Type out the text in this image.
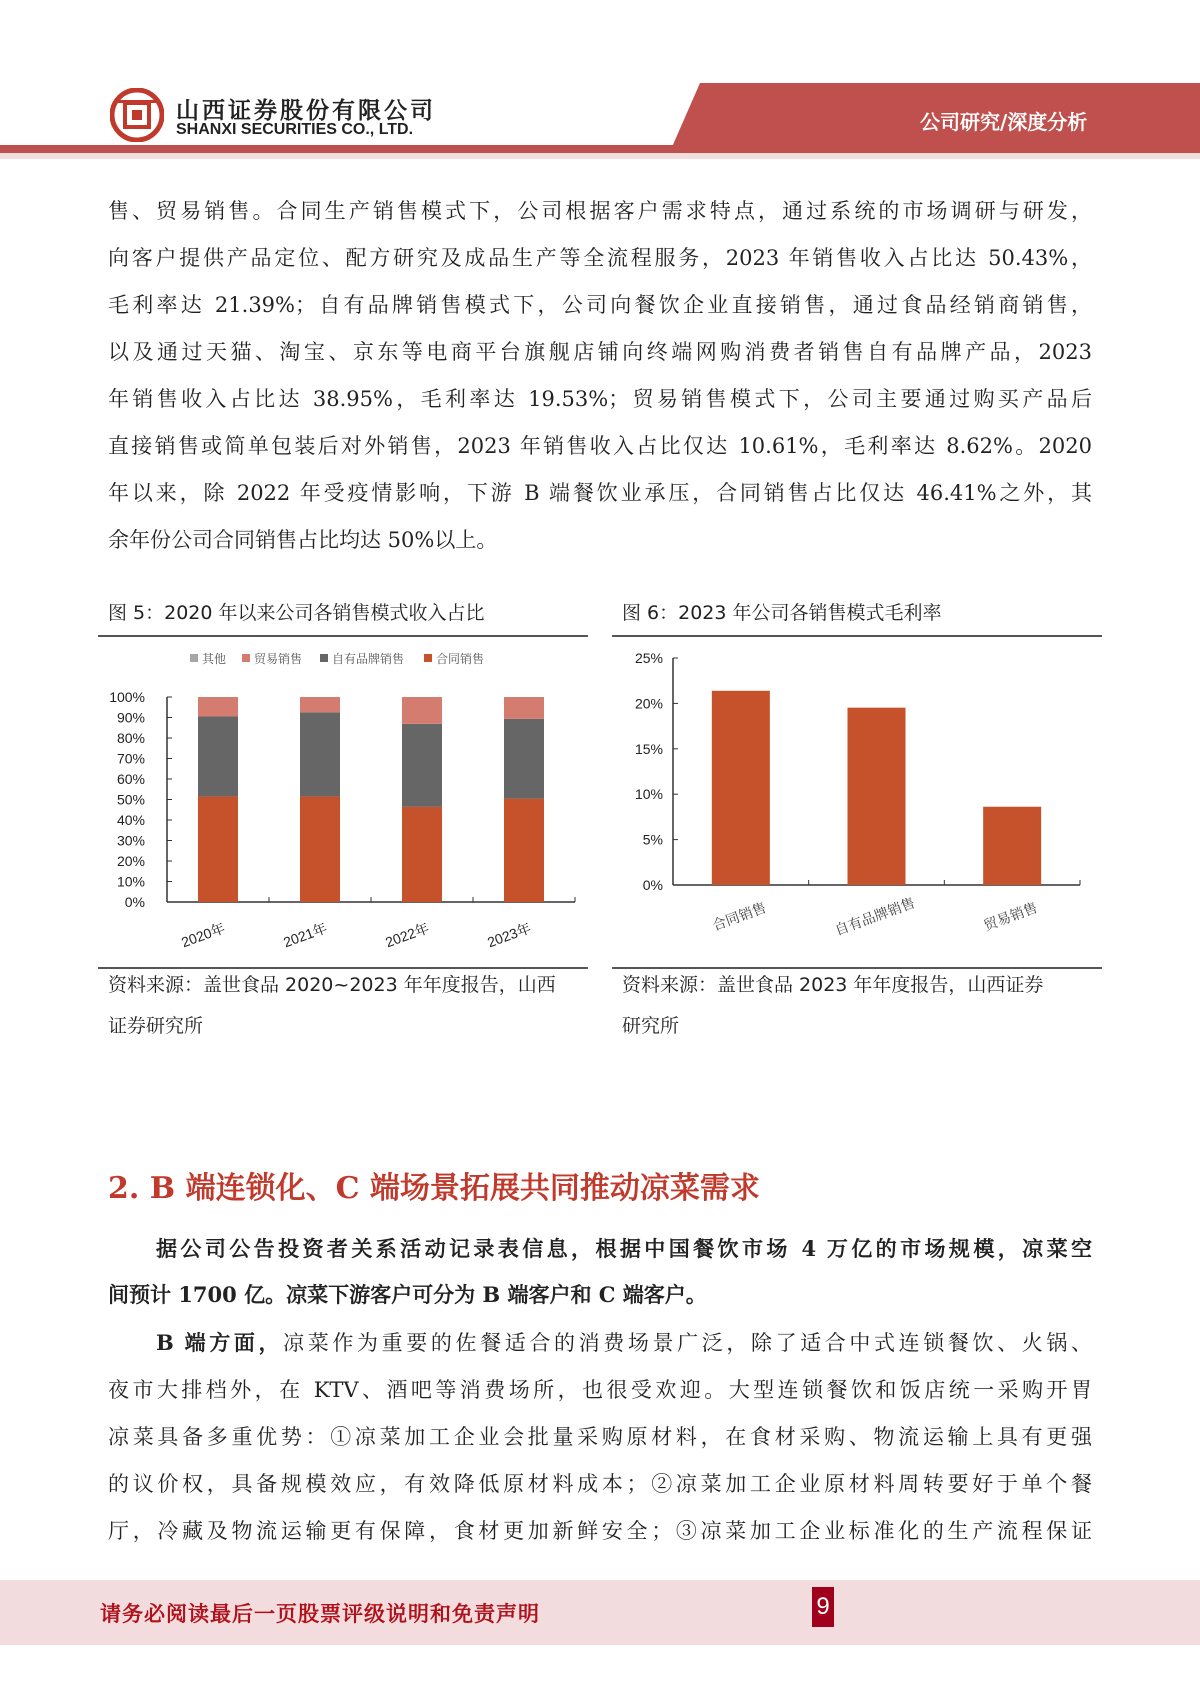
山西证券股份有限公司
SHANXI SECURITIES CO., LTD.	公司研究/深度分析
售、贸易销售。合同生产销售模式下，公司根据客户需求特点，通过系统的市场调研与研发，
向客户提供产品定位、配方研究及成品生产等全流程服务，2023 年销售收入占比达 50.43%，
毛利率达 21.39%；自有品牌销售模式下，公司向餐饮企业直接销售，通过食品经销商销售，
以及通过天猫、淘宝、京东等电商平台旗舰店铺向终端网购消费者销售自有品牌产品，2023
年销售收入占比达 38.95%，毛利率达 19.53%；贸易销售模式下，公司主要通过购买产品后
直接销售或简单包装后对外销售，2023 年销售收入占比仅达 10.61%，毛利率达 8.62%。2020
年以来，除 2022 年受疫情影响，下游 B 端餐饮业承压，合同销售占比仅达 46.41%之外，其
余年份公司合同销售占比均达 50%以上。
图 5：2020 年以来公司各销售模式收入占比	图 6：2023 年公司各销售模式毛利率
其他 贸易销售 自有品牌销售	合同销售
0%
10%
20%
30%
40%
50%
60%
70%
80%
90%
100%
2020年	2021年	2022年	2023年
0%
5%
10%
15%
20%
25%
合同销售	自有品牌销售	贸易销售
资料来源：盖世食品 2020~2023 年年度报告，山西
证券研究所
资料来源：盖世食品 2023 年年度报告，山西证券
研究所
2. B 端连锁化、C 端场景拓展共同推动凉菜需求
据公司公告投资者关系活动记录表信息，根据中国餐饮市场 4 万亿的市场规模，凉菜空
间预计 1700 亿。凉菜下游客户可分为 B 端客户和 C 端客户。
B 端方面，凉菜作为重要的佐餐适合的消费场景广泛，除了适合中式连锁餐饮、火锅、
夜市大排档外，在 KTV、酒吧等消费场所，也很受欢迎。大型连锁餐饮和饭店统一采购开胃
凉菜具备多重优势：①凉菜加工企业会批量采购原材料，在食材采购、物流运输上具有更强
的议价权，具备规模效应，有效降低原材料成本；②凉菜加工企业原材料周转要好于单个餐
厅，冷藏及物流运输更有保障，食材更加新鲜安全；③凉菜加工企业标准化的生产流程保证
请务必阅读最后一页股票评级说明和免责声明	9
